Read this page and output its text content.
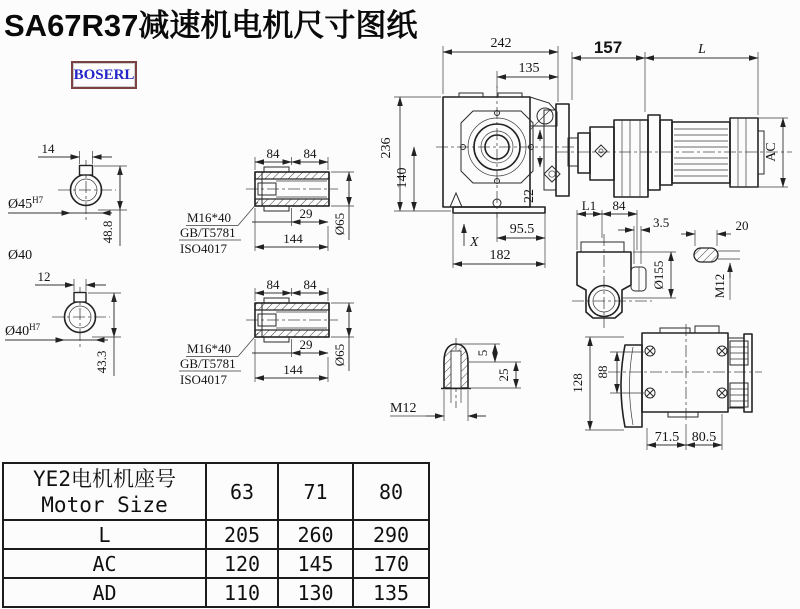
SA67R37减速机电机尺寸图纸
BOSERL
14
$Ø45^{H7}$
48.8
Ø40
12
$Ø40^{H7}$
43.3
84 84
29
144
Ø65
M16*40
GB/T5781
ISO4017
84 84
29
144
Ø65
M16*40
GB/T5781
ISO4017
242
135
236
140
22
X
95.5
182
157	L
AC
L1 84
3.5
Ø155
20
M12
5
25
M12
128
88
71.5 80.5
YE2电机机座号
Motor Size	63	71	80
L	205	260	290
AC	120	145	170
AD	110	130	135
